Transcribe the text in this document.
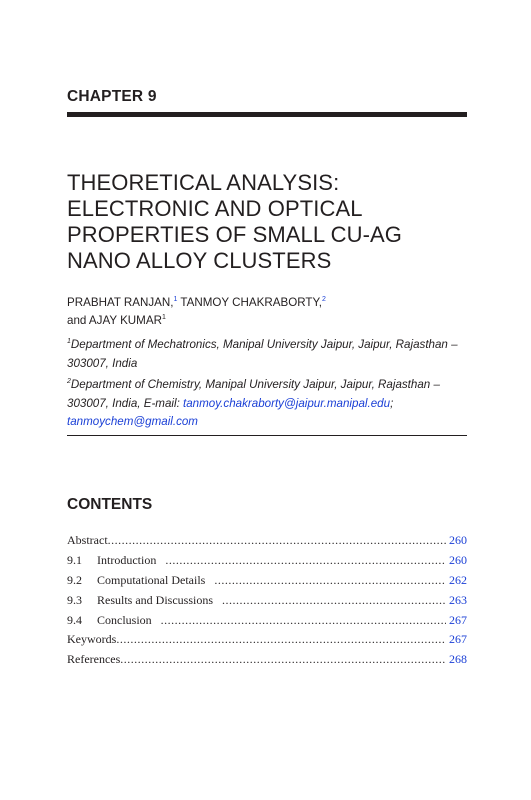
CHAPTER 9
THEORETICAL ANALYSIS:
ELECTRONIC AND OPTICAL
PROPERTIES OF SMALL CU-AG
NANO ALLOY CLUSTERS
PRABHAT RANJAN,$^1$ TANMOY CHAKRABORTY,$^2$
and AJAY KUMAR$^1$
$^1$Department of Mechatronics, Manipal University Jaipur, Jaipur, Rajasthan – 303007, India
$^2$Department of Chemistry, Manipal University Jaipur, Jaipur, Rajasthan – 303007, India, E-mail: tanmoy.chakraborty@jaipur.manipal.edu; tanmoychem@gmail.com
CONTENTS
Abstract .....	260
9.1	Introduction .....	260
9.2	Computational Details .....	262
9.3	Results and Discussions .....	263
9.4	Conclusion .....	267
Keywords .....	267
References .....	268
